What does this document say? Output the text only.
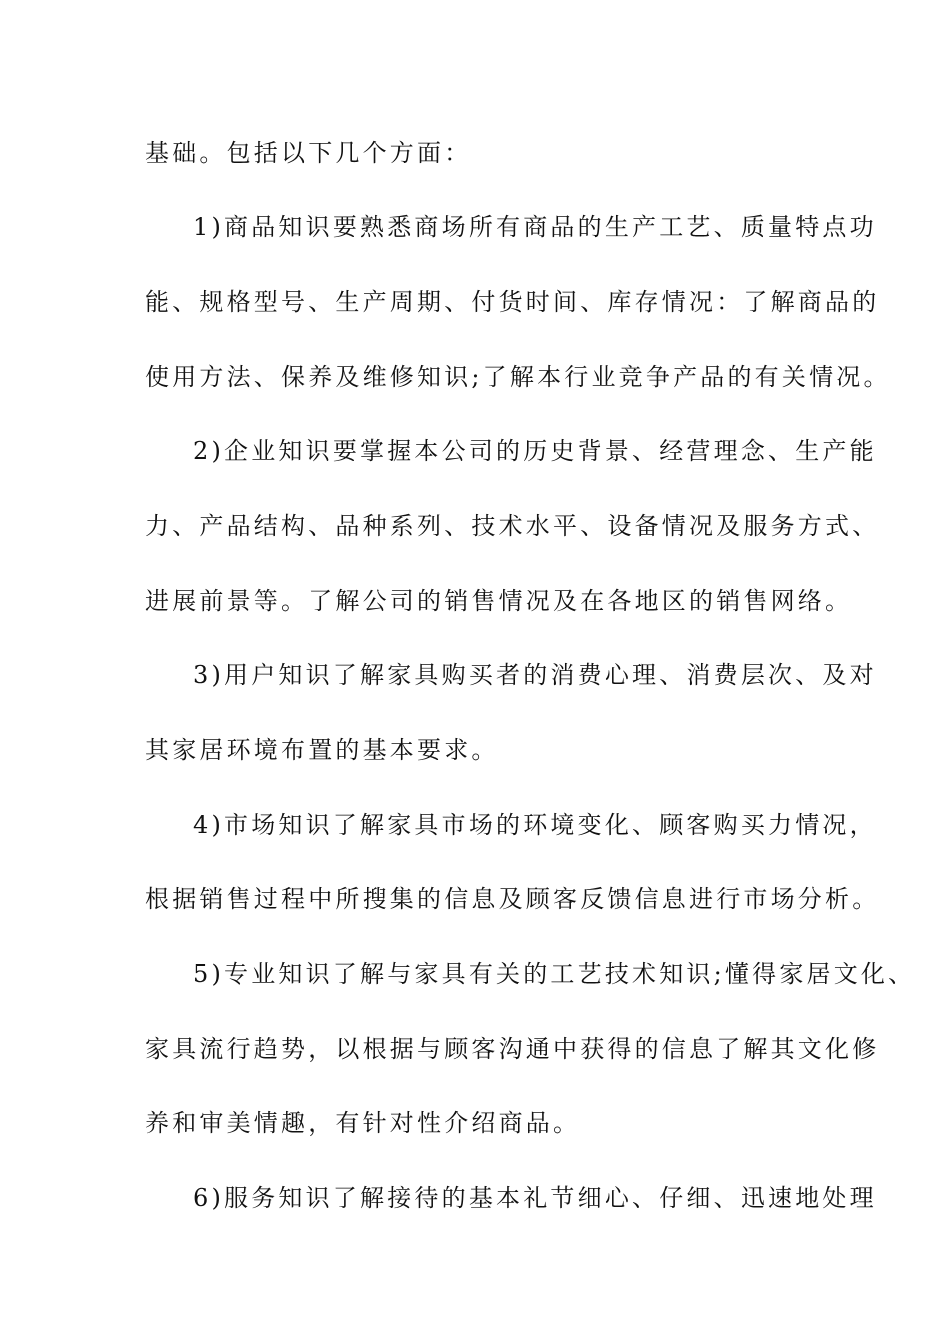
基础。包括以下几个方面：
1)商品知识要熟悉商场所有商品的生产工艺、质量特点功
能、规格型号、生产周期、付货时间、库存情况：了解商品的
使用方法、保养及维修知识;了解本行业竞争产品的有关情况。
2)企业知识要掌握本公司的历史背景、经营理念、生产能
力、产品结构、品种系列、技术水平、设备情况及服务方式、
进展前景等。了解公司的销售情况及在各地区的销售网络。
3)用户知识了解家具购买者的消费心理、消费层次、及对
其家居环境布置的基本要求。
4)市场知识了解家具市场的环境变化、顾客购买力情况，
根据销售过程中所搜集的信息及顾客反馈信息进行市场分析。
5)专业知识了解与家具有关的工艺技术知识;懂得家居文化、
家具流行趋势，以根据与顾客沟通中获得的信息了解其文化修
养和审美情趣，有针对性介绍商品。
6)服务知识了解接待的基本礼节细心、仔细、迅速地处理
